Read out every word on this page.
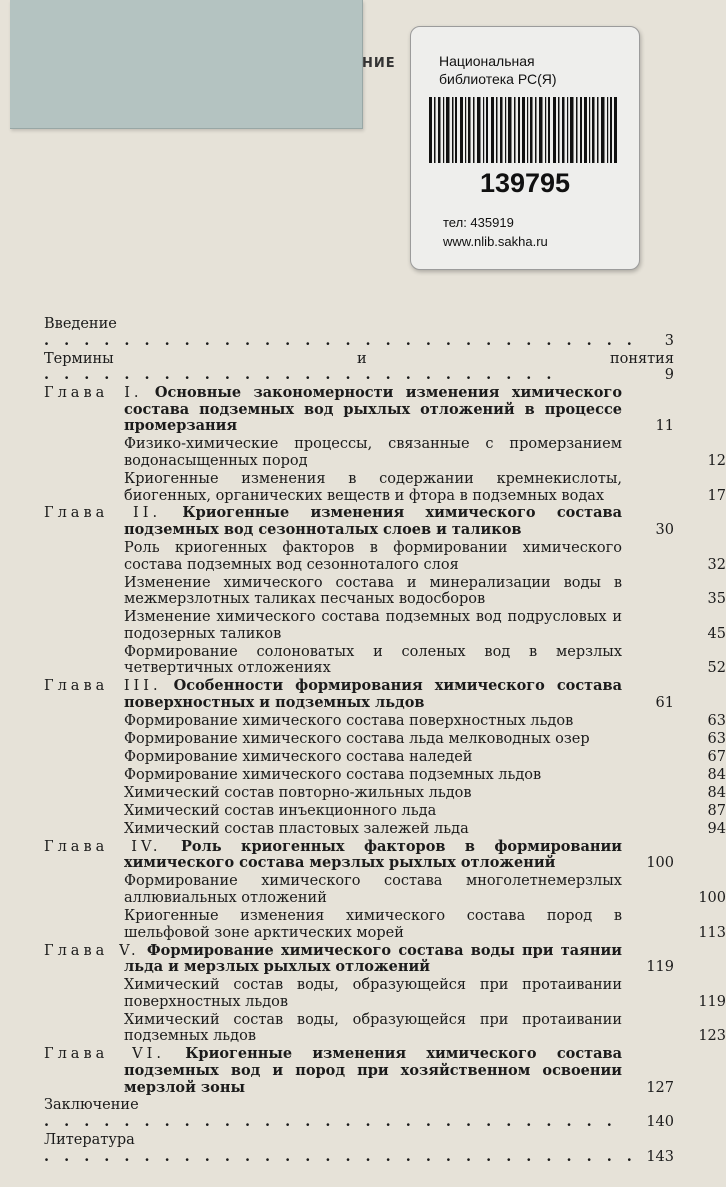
НИЕ	Национальная
библиотека РС(Я)
139795
тел: 435919
www.nlib.sakha.ru
Введение . . . . . . . . . . . . . . . . . . . . . . . . . . . . . .	3
Термины и понятия . . . . . . . . . . . . . . . . . . . . . . . . . .	9
Глава I. Основные закономерности изменения химического состава подземных вод рыхлых отложений в процессе промерзания	11
Физико-химические процессы, связанные с промерзанием водонасыщенных пород	12
Криогенные изменения в содержании кремнекислоты, биогенных, органических веществ и фтора в подземных водах	17
Глава II. Криогенные изменения химического состава подземных вод сезонноталых слоев и таликов	30
Роль криогенных факторов в формировании химического состава подземных вод сезонноталого слоя	32
Изменение химического состава и минерализации воды в межмерзлотных таликах песчаных водосборов	35
Изменение химического состава подземных вод подрусловых и подозерных таликов	45
Формирование солоноватых и соленых вод в мерзлых четвертичных отложениях	52
Глава III. Особенности формирования химического состава поверхностных и подземных льдов	61
Формирование химического состава поверхностных льдов	63
Формирование химического состава льда мелководных озер	63
Формирование химического состава наледей	67
Формирование химического состава подземных льдов	84
Химический состав повторно-жильных льдов	84
Химический состав инъекционного льда	87
Химический состав пластовых залежей льда	94
Глава IV. Роль криогенных факторов в формировании химического состава мерзлых рыхлых отложений	100
Формирование химического состава многолетнемерзлых аллювиальных отложений	100
Криогенные изменения химического состава пород в шельфовой зоне арктических морей	113
Глава V. Формирование химического состава воды при таянии льда и мерзлых рыхлых отложений	119
Химический состав воды, образующейся при протаивании поверхностных льдов	119
Химический состав воды, образующейся при протаивании подземных льдов	123
Глава VI. Криогенные изменения химического состава подземных вод и пород при хозяйственном освоении мерзлой зоны	127
Заключение . . . . . . . . . . . . . . . . . . . . . . . . . . . . .	140
Литература . . . . . . . . . . . . . . . . . . . . . . . . . . . . . . 143
